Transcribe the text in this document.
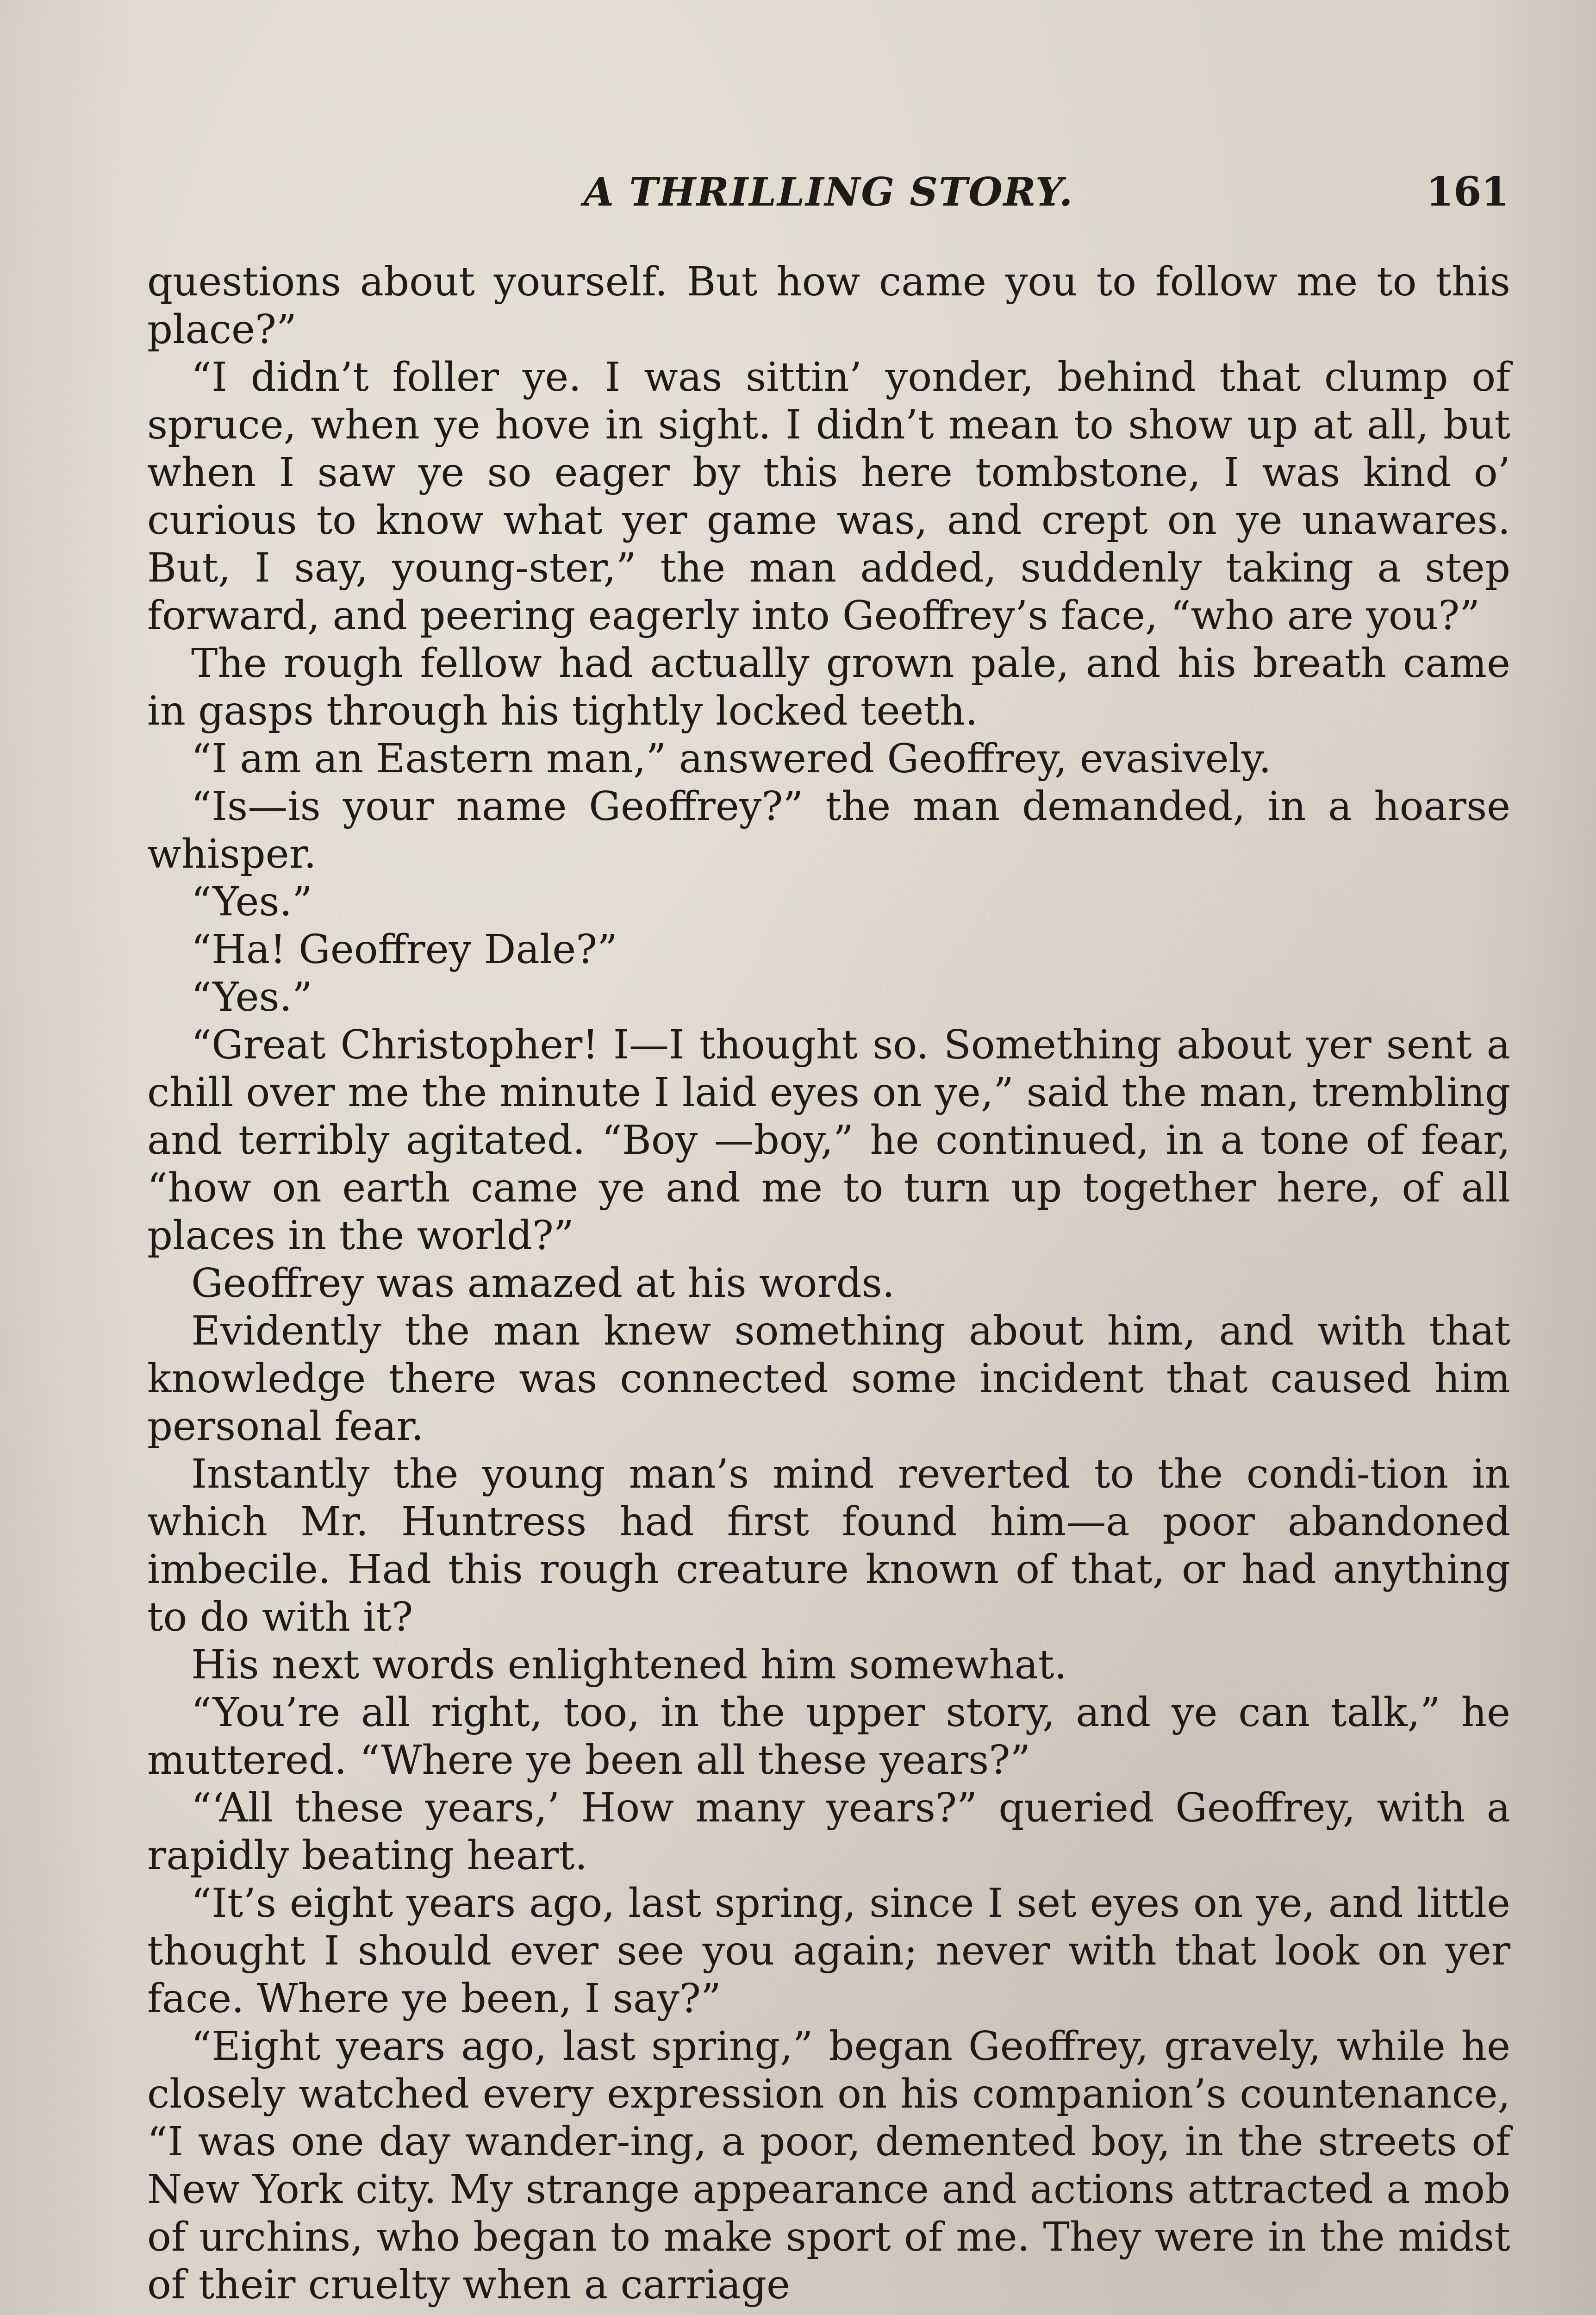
A THRILLING STORY.	161

questions about yourself. But how came you to follow me to this place?”

“I didn’t foller ye. I was sittin’ yonder, behind that clump of spruce, when ye hove in sight. I didn’t mean to show up at all, but when I saw ye so eager by this here tombstone, I was kind o’ curious to know what yer game was, and crept on ye unawares. But, I say, young-ster,” the man added, suddenly taking a step forward, and peering eagerly into Geoffrey’s face, “who are you?”

The rough fellow had actually grown pale, and his breath came in gasps through his tightly locked teeth.

“I am an Eastern man,” answered Geoffrey, evasively.

“Is—is your name Geoffrey?” the man demanded, in a hoarse whisper.

“Yes.”

“Ha! Geoffrey Dale?”

“Yes.”

“Great Christopher! I—I thought so. Something about yer sent a chill over me the minute I laid eyes on ye,” said the man, trembling and terribly agitated. “Boy —boy,” he continued, in a tone of fear, “how on earth came ye and me to turn up together here, of all places in the world?”

Geoffrey was amazed at his words.

Evidently the man knew something about him, and with that knowledge there was connected some incident that caused him personal fear.

Instantly the young man’s mind reverted to the condi-tion in which Mr. Huntress had first found him—a poor abandoned imbecile. Had this rough creature known of that, or had anything to do with it?

His next words enlightened him somewhat.

“You’re all right, too, in the upper story, and ye can talk,” he muttered. “Where ye been all these years?”

“‘All these years,’ How many years?” queried Geoffrey, with a rapidly beating heart.

“It’s eight years ago, last spring, since I set eyes on ye, and little thought I should ever see you again; never with that look on yer face. Where ye been, I say?”

“Eight years ago, last spring,” began Geoffrey, gravely, while he closely watched every expression on his companion’s countenance, “I was one day wander-ing, a poor, demented boy, in the streets of New York city. My strange appearance and actions attracted a mob of urchins, who began to make sport of me. They were in the midst of their cruelty when a carriage
